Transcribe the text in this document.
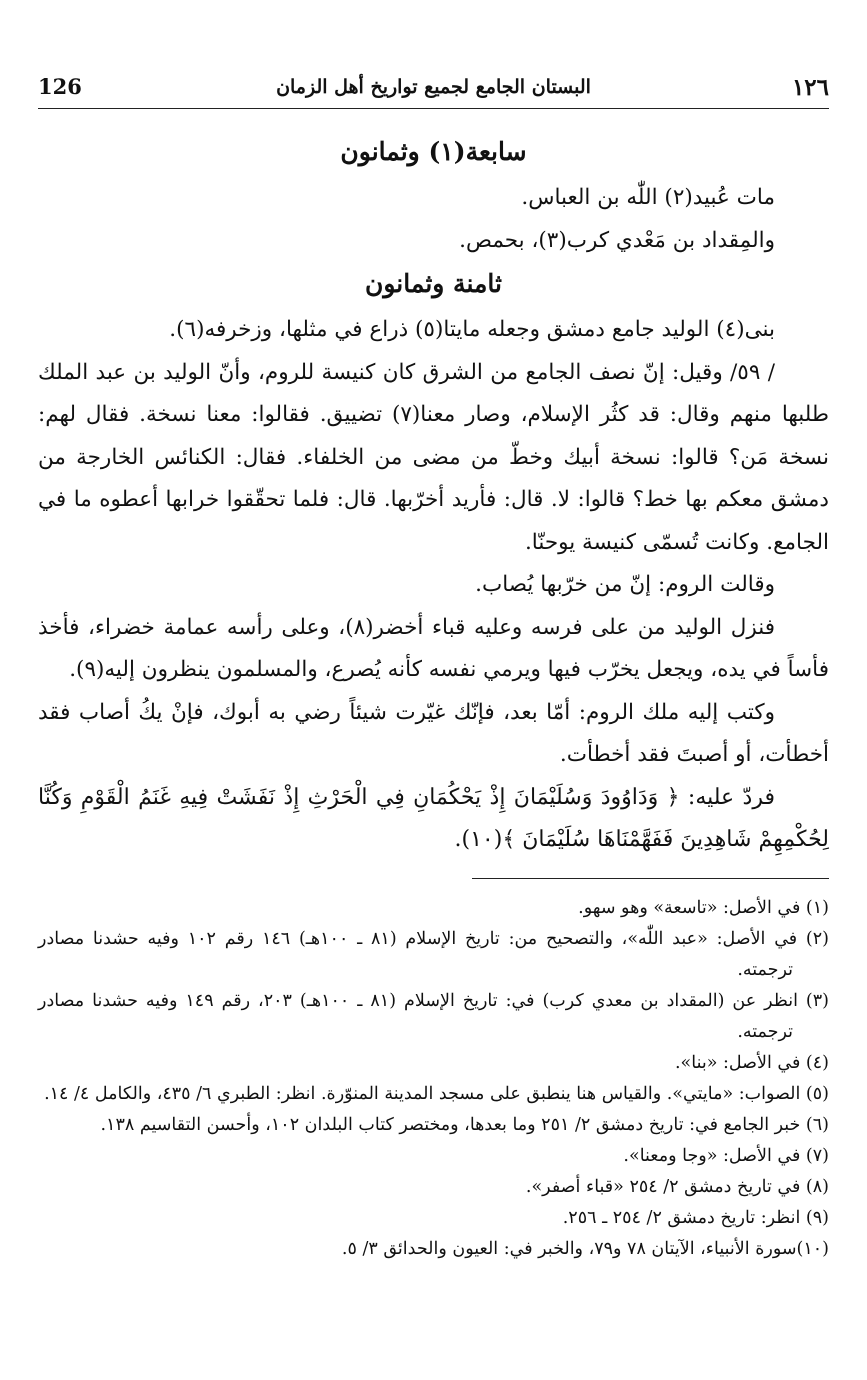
126	البستان الجامع لجميع تواريخ أهل الزمان	١٢٦
سابعة(١) وثمانون

مات عُبيد(٢) اللّٰه بن العباس.

والمِقداد بن مَعْدي كرب(٣)، بحمص.

ثامنة وثمانون

بنى(٤) الوليد جامع دمشق وجعله مايتا(٥) ذراع في مثلها، وزخرفه(٦).

/ ٥٩/ وقيل: إنّ نصف الجامع من الشرق كان كنيسة للروم، وأنّ الوليد بن عبد الملك طلبها منهم وقال: قد كثُر الإسلام، وصار معنا(٧) تضييق. فقالوا: معنا نسخة. فقال لهم: نسخة مَن؟ قالوا: نسخة أبيك وخطّ من مضى من الخلفاء. فقال: الكنائس الخارجة من دمشق معكم بها خط؟ قالوا: لا. قال: فأريد أخرّبها. قال: فلما تحقّقوا خرابها أعطوه ما في الجامع. وكانت تُسمّى كنيسة يوحنّا.

وقالت الروم: إنّ من خرّبها يُصاب.

فنزل الوليد من على فرسه وعليه قباء أخضر(٨)، وعلى رأسه عمامة خضراء، فأخذ فأساً في يده، ويجعل يخرّب فيها ويرمي نفسه كأنه يُصرع، والمسلمون ينظرون إليه(٩).

وكتب إليه ملك الروم: أمّا بعد، فإنّك غيّرت شيئاً رضي به أبوك، فإنْ يكُ أصاب فقد أخطأت، أو أصبتَ فقد أخطأت.

فردّ عليه: ﴿ وَدَاوُودَ وَسُلَيْمَانَ إِذْ يَحْكُمَانِ فِي الْحَرْثِ إِذْ نَفَشَتْ فِيهِ غَنَمُ الْقَوْمِ وَكُنَّا لِحُكْمِهِمْ شَاهِدِينَ فَفَهَّمْنَاهَا سُلَيْمَانَ ﴾(١٠).

(١) في الأصل: «تاسعة» وهو سهو.

(٢) في الأصل: «عبد اللّٰه»، والتصحيح من: تاريخ الإسلام (٨١ ـ ١٠٠هـ) ١٤٦ رقم ١٠٢ وفيه حشدنا مصادر ترجمته.

(٣) انظر عن (المقداد بن معدي كرب) في: تاريخ الإسلام (٨١ ـ ١٠٠هـ) ٢٠٣، رقم ١٤٩ وفيه حشدنا مصادر ترجمته.

(٤) في الأصل: «بنا».

(٥) الصواب: «مايتي». والقياس هنا ينطبق على مسجد المدينة المنوّرة. انظر: الطبري ٦/ ٤٣٥، والكامل ٤/ ١٤.

(٦) خبر الجامع في: تاريخ دمشق ٢/ ٢٥١ وما بعدها، ومختصر كتاب البلدان ١٠٢، وأحسن التقاسيم ١٣٨.

(٧) في الأصل: «وجا ومعنا».

(٨) في تاريخ دمشق ٢/ ٢٥٤ «قباء أصفر».

(٩) انظر: تاريخ دمشق ٢/ ٢٥٤ ـ ٢٥٦.

(١٠)سورة الأنبياء، الآيتان ٧٨ و٧٩، والخبر في: العيون والحدائق ٣/ ٥.
